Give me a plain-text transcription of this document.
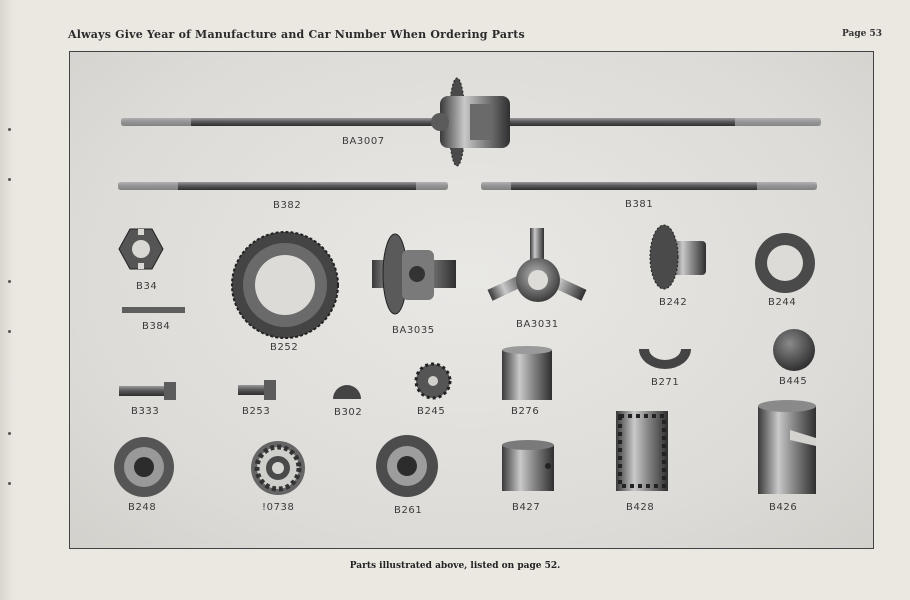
Always Give Year of Manufacture and Car Number When Ordering Parts	Page 53
BA3007
B382	B381
B34
B384
B252
BA3035
BA3031
B242	B244
B271	B445
B333	B253	B302	B245	B276
B248	!0738	B261	B427	B428	B426
Parts illustrated above, listed on page 52.
